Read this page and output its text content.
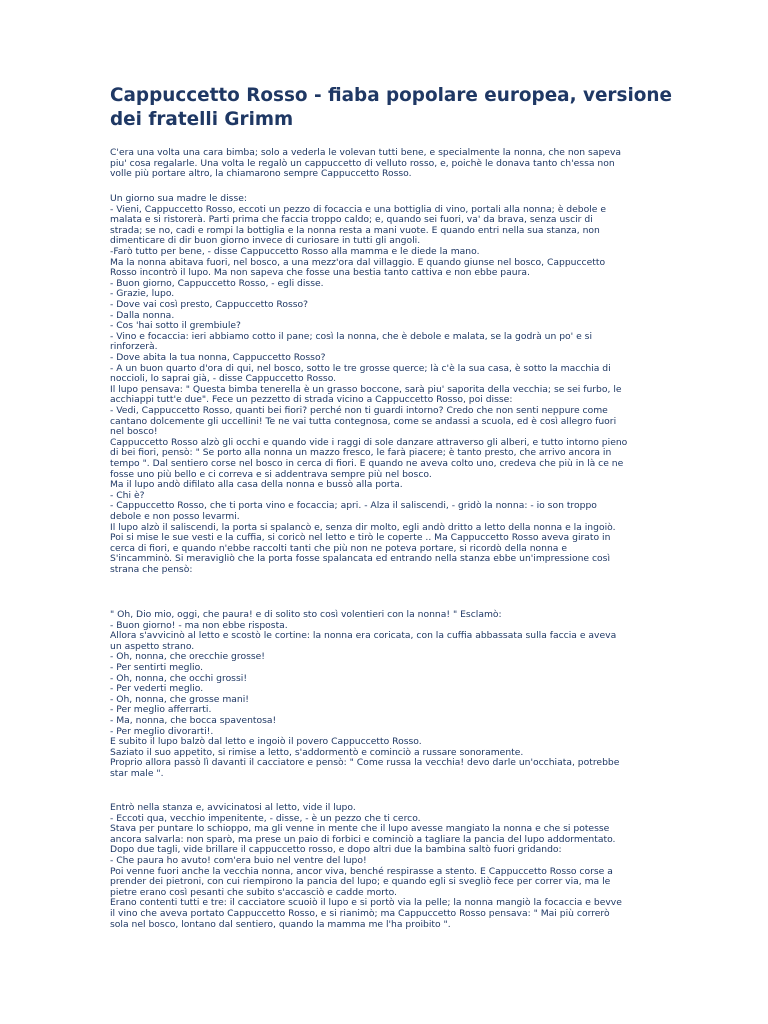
Cappuccetto Rosso - fiaba popolare europea, versione
dei fratelli Grimm
C'era una volta una cara bimba; solo a vederla le volevan tutti bene, e specialmente la nonna, che non sapeva
piu' cosa regalarle. Una volta le regalò un cappuccetto di velluto rosso, e, poichè le donava tanto ch'essa non
volle più portare altro, la chiamarono sempre Cappuccetto Rosso.
Un giorno sua madre le disse:
- Vieni, Cappuccetto Rosso, eccoti un pezzo di focaccia e una bottiglia di vino, portali alla nonna; è debole e
malata e si ristorerà. Parti prima che faccia troppo caldo; e, quando sei fuori, va' da brava, senza uscir di
strada; se no, cadi e rompi la bottiglia e la nonna resta a mani vuote. E quando entri nella sua stanza, non
dimenticare di dir buon giorno invece di curiosare in tutti gli angoli.
-Farò tutto per bene, - disse Cappuccetto Rosso alla mamma e le diede la mano.
Ma la nonna abitava fuori, nel bosco, a una mezz'ora dal villaggio. E quando giunse nel bosco, Cappuccetto
Rosso incontrò il lupo. Ma non sapeva che fosse una bestia tanto cattiva e non ebbe paura.
- Buon giorno, Cappuccetto Rosso, - egli disse.
- Grazie, lupo.
- Dove vai così presto, Cappuccetto Rosso?
- Dalla nonna.
- Cos 'hai sotto il grembiule?
- Vino e focaccia: ieri abbiamo cotto il pane; così la nonna, che è debole e malata, se la godrà un po' e si
rinforzerà.
- Dove abita la tua nonna, Cappuccetto Rosso?
- A un buon quarto d'ora di qui, nel bosco, sotto le tre grosse querce; là c'è la sua casa, è sotto la macchia di
noccioli, lo saprai già, - disse Cappuccetto Rosso.
Il lupo pensava: " Questa bimba tenerella è un grasso boccone, sarà piu' saporita della vecchia; se sei furbo, le
acchiappi tutt'e due". Fece un pezzetto di strada vicino a Cappuccetto Rosso, poi disse:
- Vedi, Cappuccetto Rosso, quanti bei fiori? perché non ti guardi intorno? Credo che non senti neppure come
cantano dolcemente gli uccellini! Te ne vai tutta contegnosa, come se andassi a scuola, ed è così allegro fuori
nel bosco!
Cappuccetto Rosso alzò gli occhi e quando vide i raggi di sole danzare attraverso gli alberi, e tutto intorno pieno
di bei fiori, pensò: " Se porto alla nonna un mazzo fresco, le farà piacere; è tanto presto, che arrivo ancora in
tempo ". Dal sentiero corse nel bosco in cerca di fiori. E quando ne aveva colto uno, credeva che più in là ce ne
fosse uno più bello e ci correva e si addentrava sempre più nel bosco.
Ma il lupo andò difilato alla casa della nonna e bussò alla porta.
- Chi è?
- Cappuccetto Rosso, che ti porta vino e focaccia; apri. - Alza il saliscendi, - gridò la nonna: - io son troppo
debole e non posso levarmi.
Il lupo alzò il saliscendi, la porta si spalancò e, senza dir molto, egli andò dritto a letto della nonna e la ingoiò.
Poi si mise le sue vesti e la cuffia, si coricò nel letto e tirò le coperte .. Ma Cappuccetto Rosso aveva girato in
cerca di fiori, e quando n'ebbe raccolti tanti che più non ne poteva portare, si ricordò della nonna e
S'incamminò. Si meravigliò che la porta fosse spalancata ed entrando nella stanza ebbe un'impressione così
strana che pensò:
" Oh, Dio mio, oggi, che paura! e di solito sto così volentieri con la nonna! " Esclamò:
- Buon giorno! - ma non ebbe risposta.
Allora s'avvicinò al letto e scostò le cortine: la nonna era coricata, con la cuffia abbassata sulla faccia e aveva
un aspetto strano.
- Oh, nonna, che orecchie grosse!
- Per sentirti meglio.
- Oh, nonna, che occhi grossi!
- Per vederti meglio.
- Oh, nonna, che grosse mani!
- Per meglio afferrarti.
- Ma, nonna, che bocca spaventosa!
- Per meglio divorarti!.
E subito il lupo balzò dal letto e ingoiò il povero Cappuccetto Rosso.
Saziato il suo appetito, si rimise a letto, s'addormentò e cominciò a russare sonoramente.
Proprio allora passò lì davanti il cacciatore e pensò: " Come russa la vecchia! devo darle un'occhiata, potrebbe
star male ".
Entrò nella stanza e, avvicinatosi al letto, vide il lupo.
- Eccoti qua, vecchio impenitente, - disse, - è un pezzo che ti cerco.
Stava per puntare lo schioppo, ma gli venne in mente che il lupo avesse mangiato la nonna e che si potesse
ancora salvarla: non sparò, ma prese un paio di forbici e cominciò a tagliare la pancia del lupo addormentato.
Dopo due tagli, vide brillare il cappuccetto rosso, e dopo altri due la bambina saltò fuori gridando:
- Che paura ho avuto! com'era buio nel ventre del lupo!
Poi venne fuori anche la vecchia nonna, ancor viva, benché respirasse a stento. E Cappuccetto Rosso corse a
prender dei pietroni, con cui riempirono la pancia del lupo; e quando egli si svegliò fece per correr via, ma le
pietre erano così pesanti che subito s'accasciò e cadde morto.
Erano contenti tutti e tre: il cacciatore scuoiò il lupo e si portò via la pelle; la nonna mangiò la focaccia e bevve
il vino che aveva portato Cappuccetto Rosso, e si rianimò; ma Cappuccetto Rosso pensava: " Mai più correrò
sola nel bosco, lontano dal sentiero, quando la mamma me l'ha proibito ".
